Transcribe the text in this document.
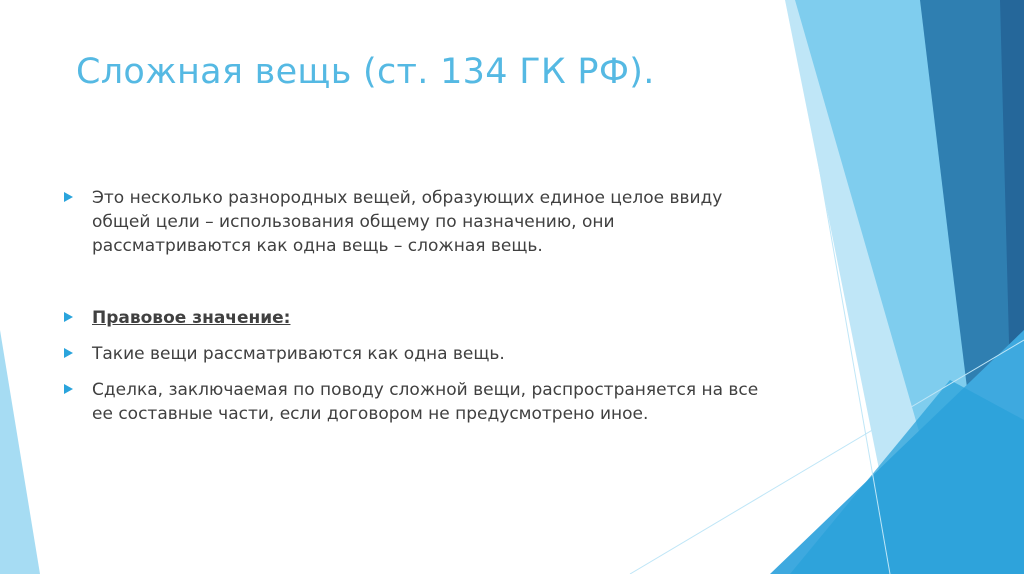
Сложная вещь (ст. 134 ГК РФ).
Это несколько разнородных вещей, образующих единое целое ввиду общей цели – использования общему по назначению, они рассматриваются как одна вещь – сложная вещь.
Правовое значение:
Такие вещи рассматриваются как одна вещь.
Сделка, заключаемая по поводу сложной вещи, распространяется на все ее составные части, если договором не предусмотрено иное.
